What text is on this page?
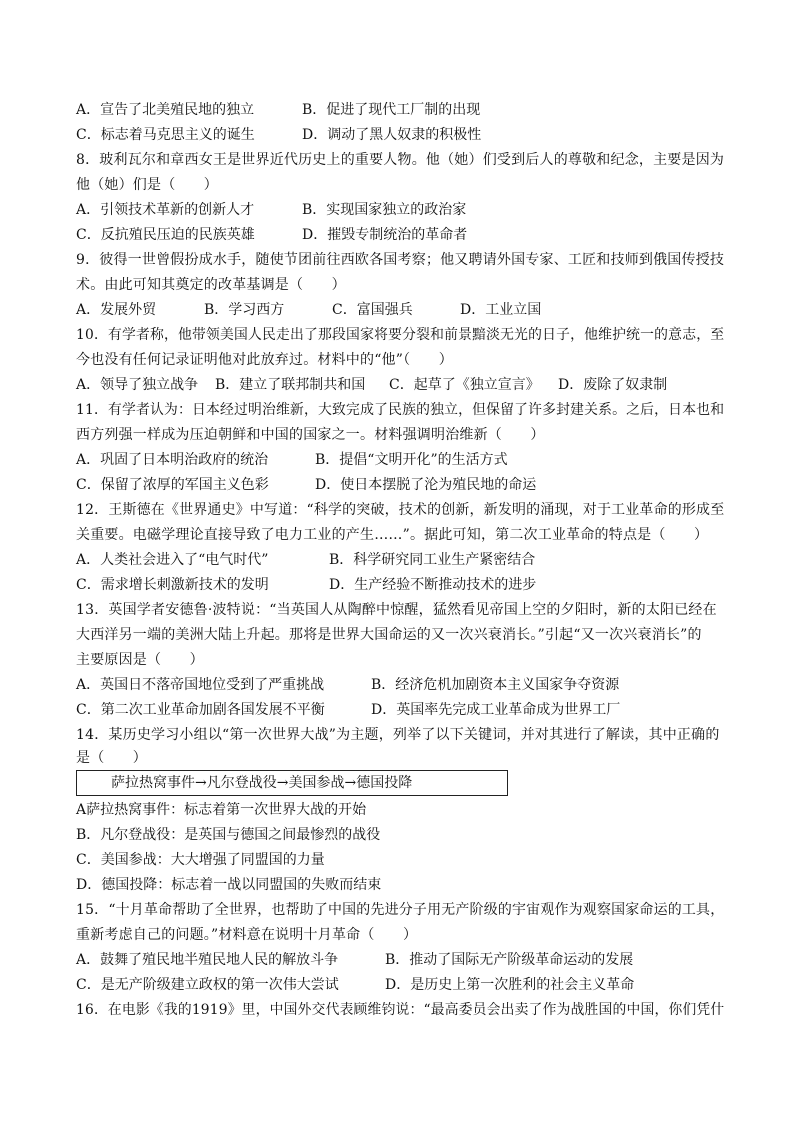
A．宣告了北美殖民地的独立	B．促进了现代工厂制的出现
C．标志着马克思主义的诞生	D．调动了黑人奴隶的积极性
8．玻利瓦尔和章西女王是世界近代历史上的重要人物。他（她）们受到后人的尊敬和纪念，主要是因为
他（她）们是（　　）
A．引领技术革新的创新人才	B．实现国家独立的政治家
C．反抗殖民压迫的民族英雄	D．摧毁专制统治的革命者
9．彼得一世曾假扮成水手，随使节团前往西欧各国考察；他又聘请外国专家、工匠和技师到俄国传授技
术。由此可知其奠定的改革基调是（　　）
A．发展外贸	B．学习西方	C．富国强兵	D．工业立国
10．有学者称，他带领美国人民走出了那段国家将要分裂和前景黯淡无光的日子，他维护统一的意志，至
今也没有任何记录证明他对此放弃过。材料中的“他”（　　）
A．领导了独立战争 B．建立了联邦制共和国 C．起草了《独立宣言》 D．废除了奴隶制
11．有学者认为：日本经过明治维新，大致完成了民族的独立，但保留了许多封建关系。之后，日本也和
西方列强一样成为压迫朝鲜和中国的国家之一。材料强调明治维新（　　）
A．巩固了日本明治政府的统治	B．提倡“文明开化”的生活方式
C．保留了浓厚的军国主义色彩	D．使日本摆脱了沦为殖民地的命运
12．王斯德在《世界通史》中写道：“科学的突破，技术的创新，新发明的涌现，对于工业革命的形成至
关重要。电磁学理论直接导致了电力工业的产生……”。据此可知，第二次工业革命的特点是（　　）
A．人类社会进入了“电气时代”	B．科学研究同工业生产紧密结合
C．需求增长刺激新技术的发明	D．生产经验不断推动技术的进步
13．英国学者安德鲁·波特说：“当英国人从陶醉中惊醒，猛然看见帝国上空的夕阳时，新的太阳已经在
大西洋另一端的美洲大陆上升起。那将是世界大国命运的又一次兴衰消长。”引起“又一次兴衰消长”的
主要原因是（　　）
A．英国日不落帝国地位受到了严重挑战	B．经济危机加剧资本主义国家争夺资源
C．第二次工业革命加剧各国发展不平衡	D．英国率先完成工业革命成为世界工厂
14．某历史学习小组以“第一次世界大战”为主题，列举了以下关键词，并对其进行了解读，其中正确的
是（　　）
萨拉热窝事件→凡尔登战役→美国参战→德国投降
A萨拉热窝事件：标志着第一次世界大战的开始
B．凡尔登战役：是英国与德国之间最惨烈的战役
C．美国参战：大大增强了同盟国的力量
D．德国投降：标志着一战以同盟国的失败而结束
15．“十月革命帮助了全世界，也帮助了中国的先进分子用无产阶级的宇宙观作为观察国家命运的工具，
重新考虑自己的问题。”材料意在说明十月革命（　　）
A．鼓舞了殖民地半殖民地人民的解放斗争	B．推动了国际无产阶级革命运动的发展
C．是无产阶级建立政权的第一次伟大尝试	D．是历史上第一次胜利的社会主义革命
16．在电影《我的1919》里，中国外交代表顾维钧说：“最高委员会出卖了作为战胜国的中国，你们凭什
